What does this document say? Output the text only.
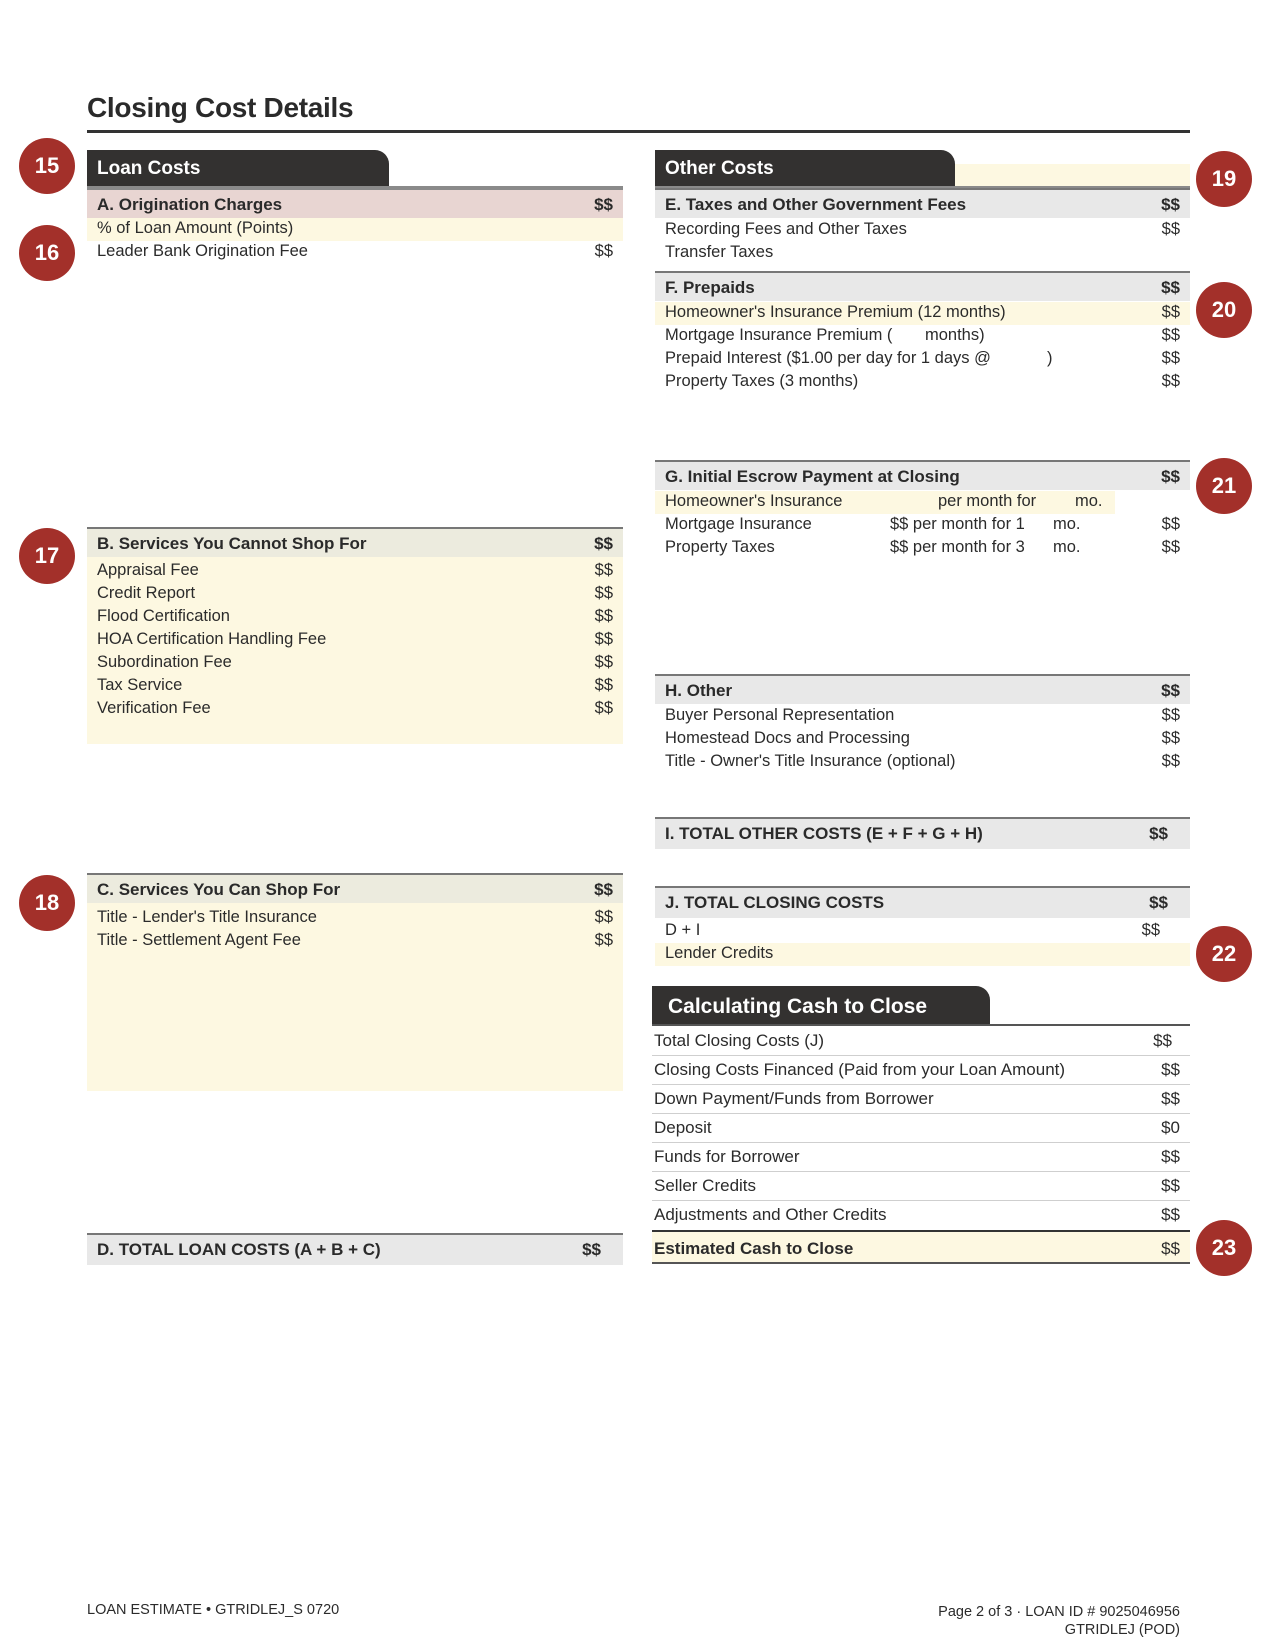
Closing Cost Details
Loan Costs
A. Origination Charges	$$
% of Loan Amount (Points)
Leader Bank Origination Fee	$$
B. Services You Cannot Shop For	$$
Appraisal Fee	$$
Credit Report	$$
Flood Certification	$$
HOA Certification Handling Fee	$$
Subordination Fee	$$
Tax Service	$$
Verification Fee	$$
C. Services You Can Shop For	$$
Title - Lender's Title Insurance	$$
Title - Settlement Agent Fee	$$
D. TOTAL LOAN COSTS (A + B + C)	$$
Other Costs
E. Taxes and Other Government Fees	$$
Recording Fees and Other Taxes	$$
Transfer Taxes
F. Prepaids	$$
Homeowner's Insurance Premium (12 months)	$$
Mortgage Insurance Premium ( months)	$$
Prepaid Interest ($1.00 per day for 1 days @	)	$$
Property Taxes (3 months)	$$
G. Initial Escrow Payment at Closing	$$
Homeowner's Insurance	per month for mo.
Mortgage Insurance	$$ per month for 1 mo.	$$
Property Taxes	$$ per month for 3 mo.	$$
H. Other	$$
Buyer Personal Representation	$$
Homestead Docs and Processing	$$
Title - Owner's Title Insurance (optional)	$$
I. TOTAL OTHER COSTS (E + F + G + H)	$$
J. TOTAL CLOSING COSTS	$$
D + I	$$
Lender Credits
Calculating Cash to Close
Total Closing Costs (J)	$$
Closing Costs Financed (Paid from your Loan Amount)	$$
Down Payment/Funds from Borrower	$$
Deposit	$0
Funds for Borrower	$$
Seller Credits	$$
Adjustments and Other Credits	$$
Estimated Cash to Close	$$
15
16
17
18
19
20
21
22
23
LOAN ESTIMATE • GTRIDLEJ_S 0720	Page 2 of 3 · LOAN ID # 9025046956
GTRIDLEJ (POD)
